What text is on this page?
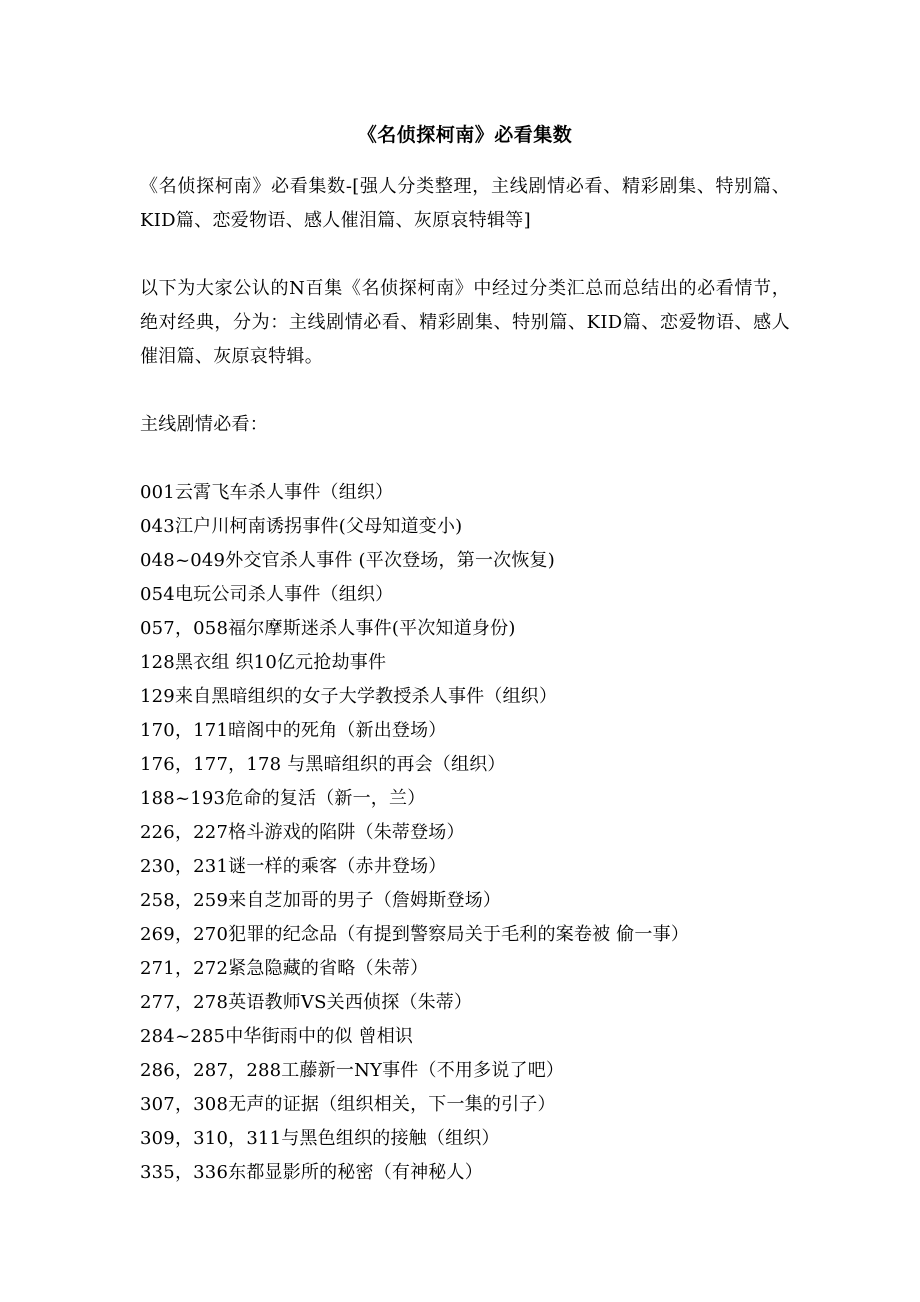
《名侦探柯南》必看集数

《名侦探柯南》必看集数-[强人分类整理，主线剧情必看、精彩剧集、特别篇、KID篇、恋爱物语、感人催泪篇、灰原哀特辑等]

以下为大家公认的N百集《名侦探柯南》中经过分类汇总而总结出的必看情节，绝对经典，分为：主线剧情必看、精彩剧集、特别篇、KID篇、恋爱物语、感人催泪篇、灰原哀特辑。

主线剧情必看：

001云霄飞车杀人事件（组织）
043江户川柯南诱拐事件(父母知道变小)
048~049外交官杀人事件 (平次登场，第一次恢复)
054电玩公司杀人事件（组织）
057，058福尔摩斯迷杀人事件(平次知道身份)
128黑衣组 织10亿元抢劫事件
129来自黑暗组织的女子大学教授杀人事件（组织）
170，171暗阁中的死角（新出登场）
176，177，178 与黑暗组织的再会（组织）
188~193危命的复活（新一，兰）
226，227格斗游戏的陷阱（朱蒂登场）
230，231谜一样的乘客（赤井登场）
258，259来自芝加哥的男子（詹姆斯登场）
269，270犯罪的纪念品（有提到警察局关于毛利的案卷被 偷一事）
271，272紧急隐藏的省略（朱蒂）
277，278英语教师VS关西侦探（朱蒂）
284~285中华街雨中的似 曾相识
286，287，288工藤新一NY事件（不用多说了吧）
307，308无声的证据（组织相关，下一集的引子）
309，310，311与黑色组织的接触（组织）
335，336东都显影所的秘密（有神秘人）
